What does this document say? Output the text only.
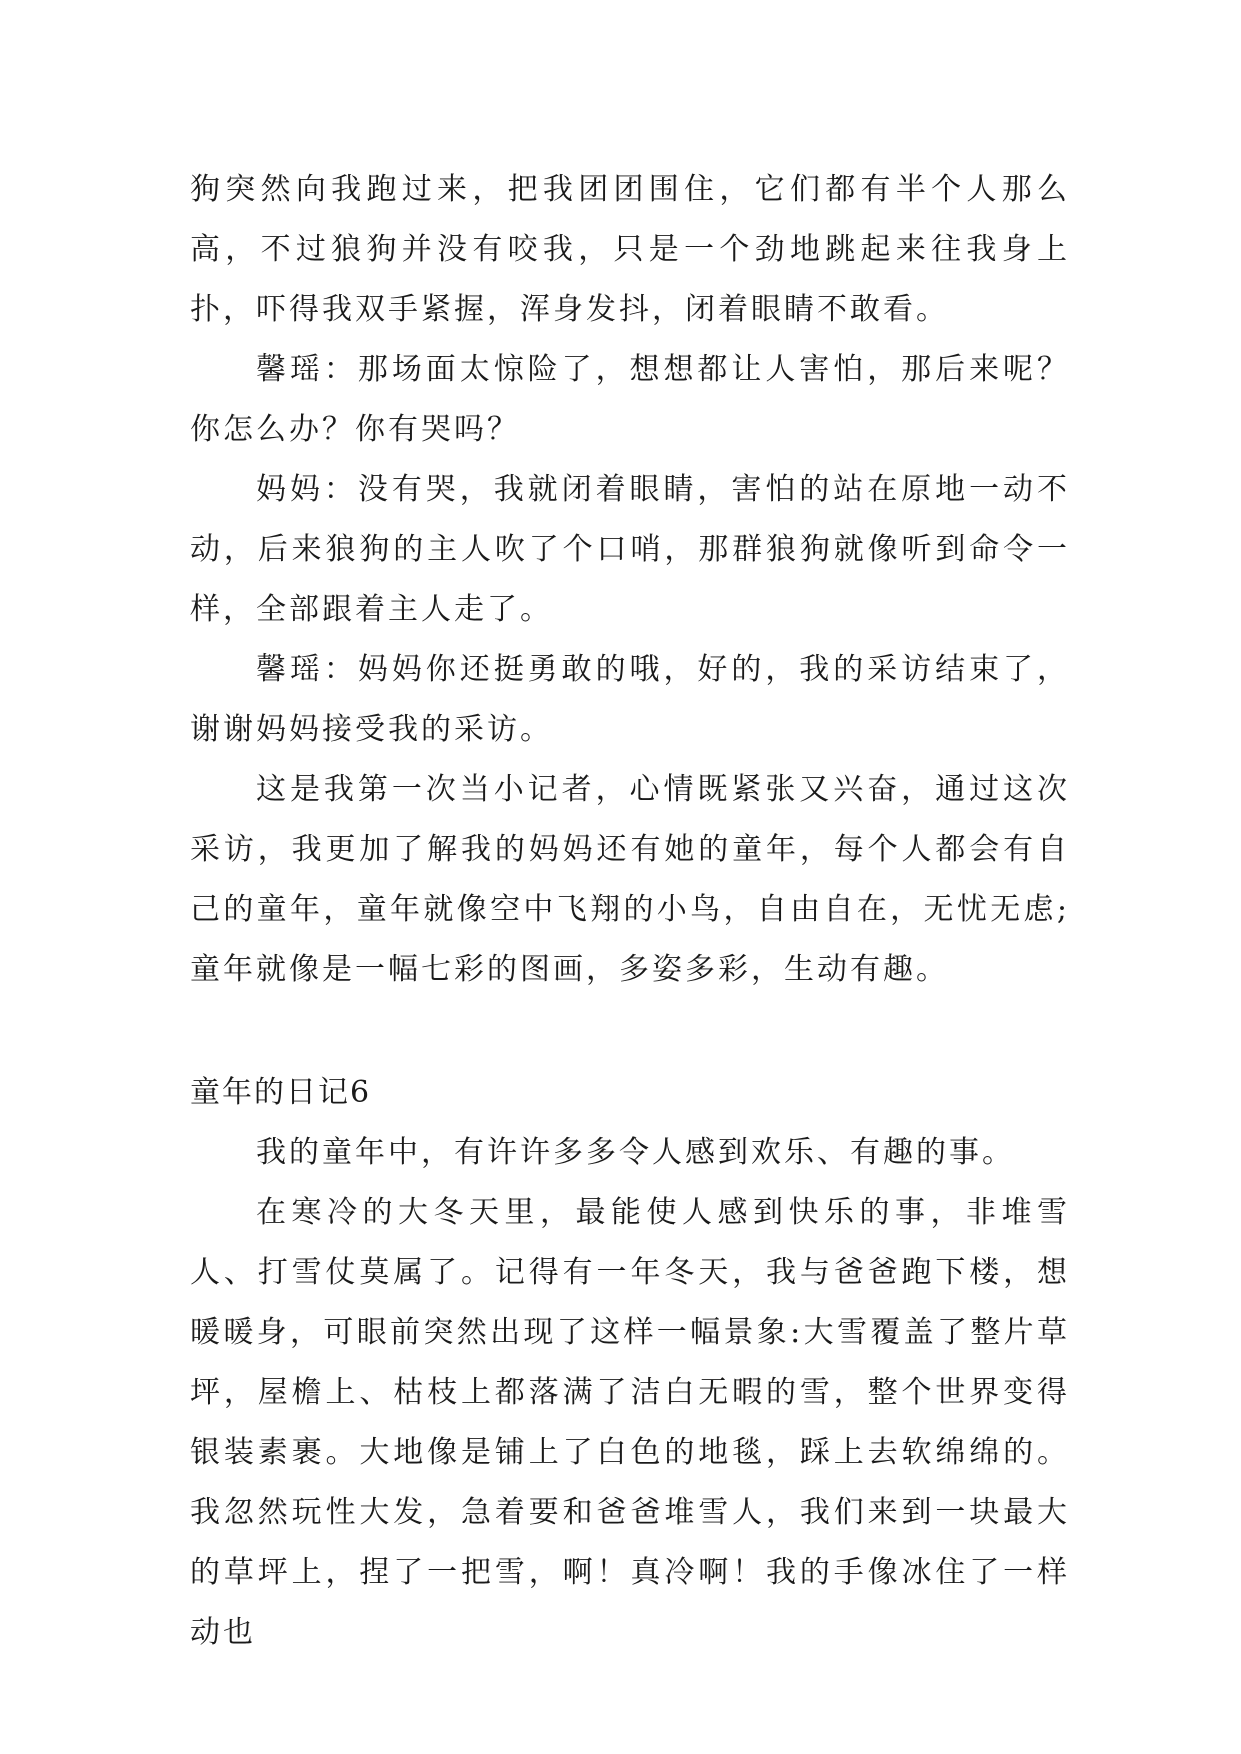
狗突然向我跑过来，把我团团围住，它们都有半个人那么高，不过狼狗并没有咬我，只是一个劲地跳起来往我身上扑，吓得我双手紧握，浑身发抖，闭着眼睛不敢看。

馨瑶：那场面太惊险了，想想都让人害怕，那后来呢？你怎么办？你有哭吗？

妈妈：没有哭，我就闭着眼睛，害怕的站在原地一动不动，后来狼狗的主人吹了个口哨，那群狼狗就像听到命令一样，全部跟着主人走了。

馨瑶：妈妈你还挺勇敢的哦，好的，我的采访结束了，谢谢妈妈接受我的采访。

这是我第一次当小记者，心情既紧张又兴奋，通过这次采访，我更加了解我的妈妈还有她的童年，每个人都会有自己的童年，童年就像空中飞翔的小鸟，自由自在，无忧无虑;童年就像是一幅七彩的图画，多姿多彩，生动有趣。

童年的日记6

我的童年中，有许许多多令人感到欢乐、有趣的事。

在寒冷的大冬天里，最能使人感到快乐的事，非堆雪人、打雪仗莫属了。记得有一年冬天，我与爸爸跑下楼，想暖暖身，可眼前突然出现了这样一幅景象:大雪覆盖了整片草坪，屋檐上、枯枝上都落满了洁白无暇的雪，整个世界变得银装素裹。大地像是铺上了白色的地毯，踩上去软绵绵的。我忽然玩性大发，急着要和爸爸堆雪人，我们来到一块最大的草坪上，捏了一把雪，啊！真冷啊！我的手像冰住了一样动也
